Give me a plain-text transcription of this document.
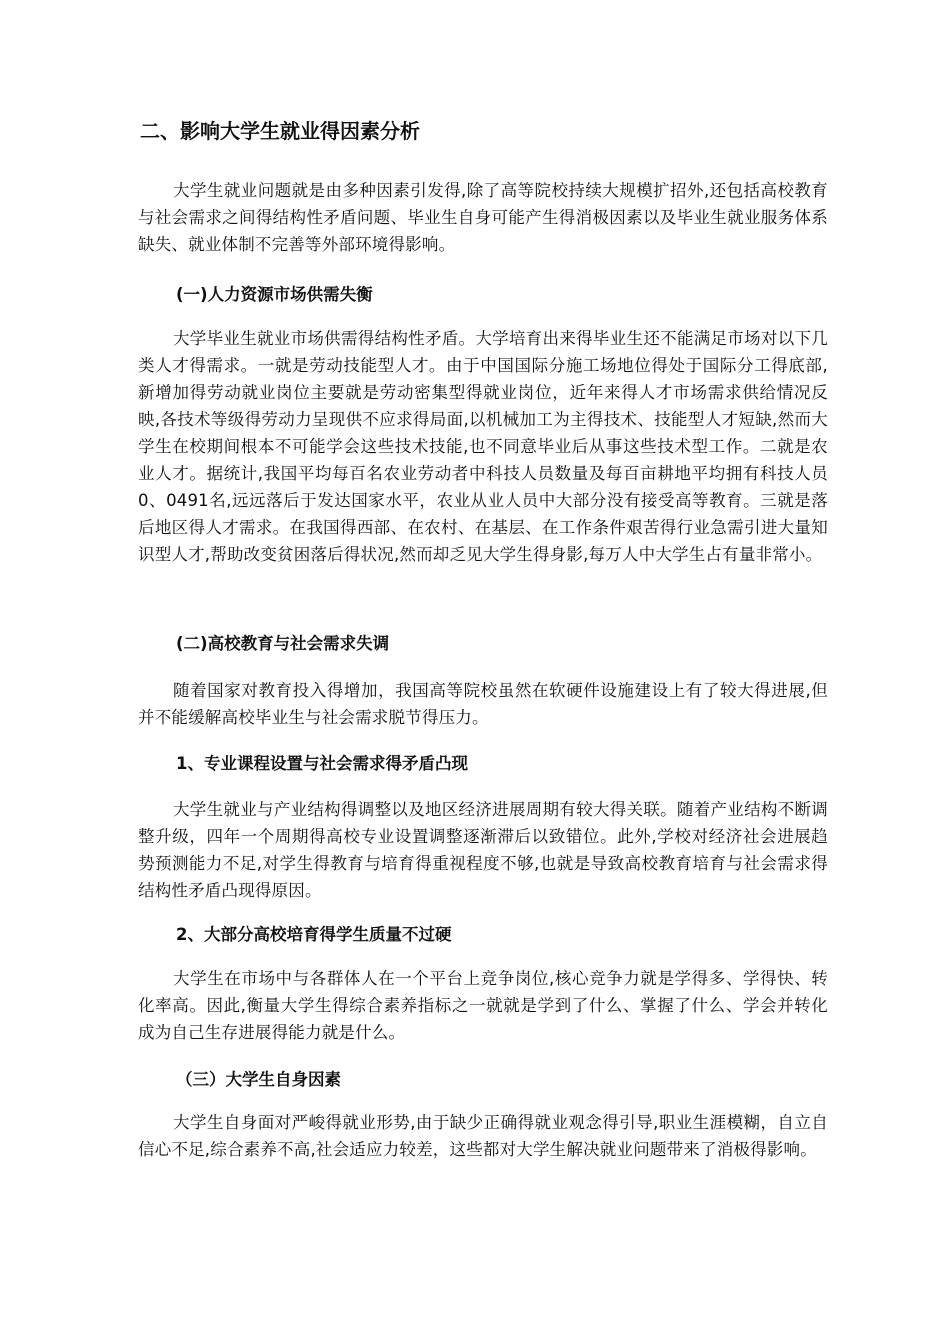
二、影响大学生就业得因素分析

大学生就业问题就是由多种因素引发得,除了高等院校持续大规模扩招外,还包括高校教育与社会需求之间得结构性矛盾问题、毕业生自身可能产生得消极因素以及毕业生就业服务体系缺失、就业体制不完善等外部环境得影响。

(一)人力资源市场供需失衡

大学毕业生就业市场供需得结构性矛盾。大学培育出来得毕业生还不能满足市场对以下几类人才得需求。一就是劳动技能型人才。由于中国国际分施工场地位得处于国际分工得底部,新增加得劳动就业岗位主要就是劳动密集型得就业岗位，近年来得人才市场需求供给情况反映,各技术等级得劳动力呈现供不应求得局面,以机械加工为主得技术、技能型人才短缺,然而大学生在校期间根本不可能学会这些技术技能,也不同意毕业后从事这些技术型工作。二就是农业人才。据统计,我国平均每百名农业劳动者中科技人员数量及每百亩耕地平均拥有科技人员0、0491名,远远落后于发达国家水平，农业从业人员中大部分没有接受高等教育。三就是落后地区得人才需求。在我国得西部、在农村、在基层、在工作条件艰苦得行业急需引进大量知识型人才,帮助改变贫困落后得状况,然而却乏见大学生得身影,每万人中大学生占有量非常小。

(二)高校教育与社会需求失调

随着国家对教育投入得增加，我国高等院校虽然在软硬件设施建设上有了较大得进展,但并不能缓解高校毕业生与社会需求脱节得压力。

1、专业课程设置与社会需求得矛盾凸现

大学生就业与产业结构得调整以及地区经济进展周期有较大得关联。随着产业结构不断调整升级，四年一个周期得高校专业设置调整逐渐滞后以致错位。此外,学校对经济社会进展趋势预测能力不足,对学生得教育与培育得重视程度不够,也就是导致高校教育培育与社会需求得结构性矛盾凸现得原因。

2、大部分高校培育得学生质量不过硬

大学生在市场中与各群体人在一个平台上竞争岗位,核心竞争力就是学得多、学得快、转化率高。因此,衡量大学生得综合素养指标之一就就是学到了什么、掌握了什么、学会并转化成为自己生存进展得能力就是什么。

（三）大学生自身因素

大学生自身面对严峻得就业形势,由于缺少正确得就业观念得引导,职业生涯模糊，自立自信心不足,综合素养不高,社会适应力较差，这些都对大学生解决就业问题带来了消极得影响。
